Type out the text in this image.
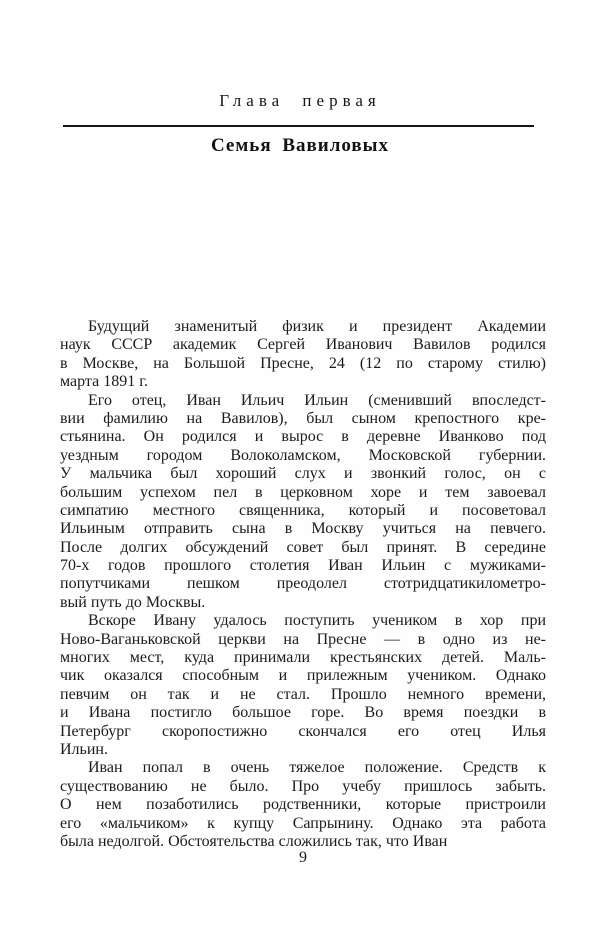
Глава первая
Семья Вавиловых
Будущий знаменитый физик и президент Академии
наук СССР академик Сергей Иванович Вавилов родился
в Москве, на Большой Пресне, 24 (12 по старому стилю)
марта 1891 г.
Его отец, Иван Ильич Ильин (сменивший впоследст-
вии фамилию на Вавилов), был сыном крепостного кре-
стьянина. Он родился и вырос в деревне Иванково под
уездным городом Волоколамском, Московской губернии.
У мальчика был хороший слух и звонкий голос, он с
большим успехом пел в церковном хоре и тем завоевал
симпатию местного священника, который и посоветовал
Ильиным отправить сына в Москву учиться на певчего.
После долгих обсуждений совет был принят. В середине
70-х годов прошлого столетия Иван Ильин с мужиками-
попутчиками пешком преодолел стотридцатикилометро-
вый путь до Москвы.
Вскоре Ивану удалось поступить учеником в хор при
Ново-Ваганьковской церкви на Пресне — в одно из не-
многих мест, куда принимали крестьянских детей. Маль-
чик оказался способным и прилежным учеником. Однако
певчим он так и не стал. Прошло немного времени,
и Ивана постигло большое горе. Во время поездки в
Петербург скоропостижно скончался его отец Илья
Ильин.
Иван попал в очень тяжелое положение. Средств к
существованию не было. Про учебу пришлось забыть.
О нем позаботились родственники, которые пристроили
его «мальчиком» к купцу Сапрынину. Однако эта работа
была недолгой. Обстоятельства сложились так, что Иван
9
